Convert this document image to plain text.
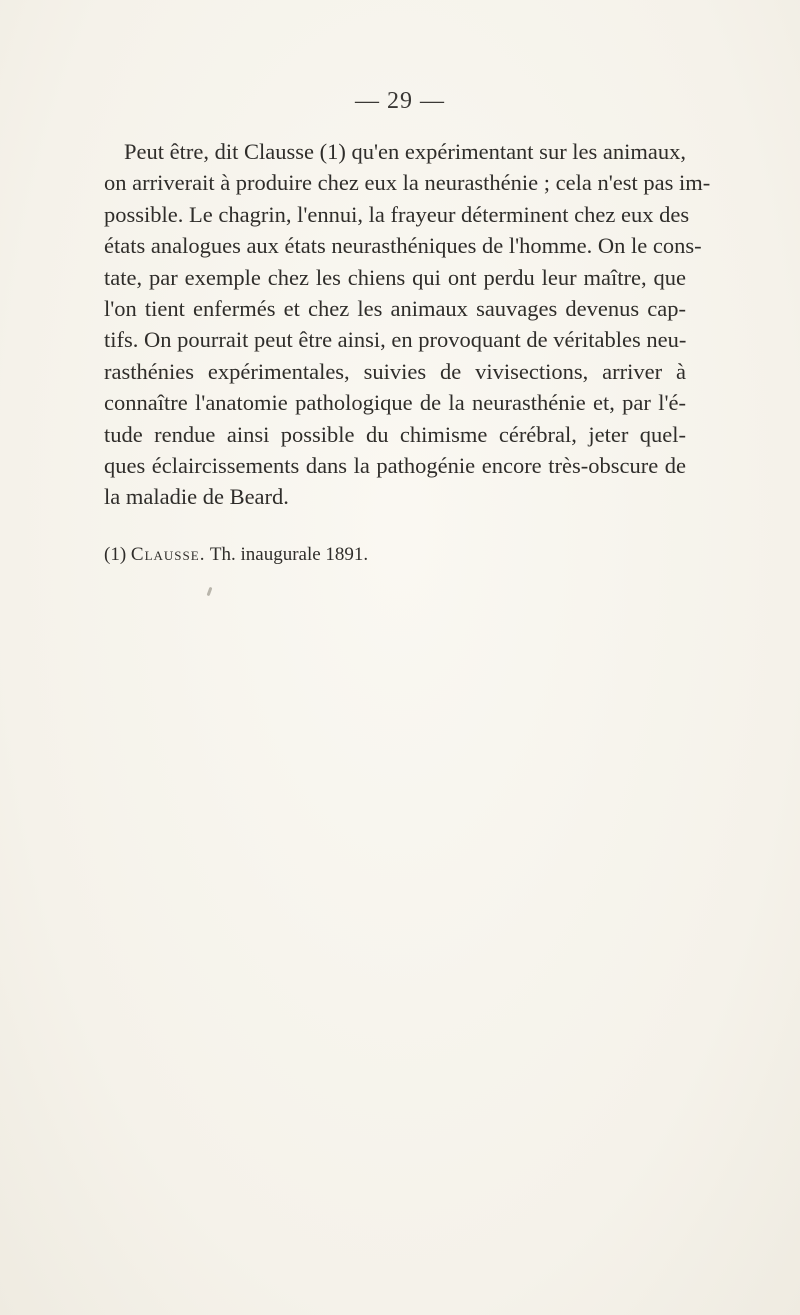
— 29 —

Peut être, dit Clausse (1) qu'en expérimentant sur les animaux,
on arriverait à produire chez eux la neurasthénie ; cela n'est pas im-
possible. Le chagrin, l'ennui, la frayeur déterminent chez eux des
états analogues aux états neurasthéniques de l'homme. On le cons-
tate, par exemple chez les chiens qui ont perdu leur maître, que
l'on tient enfermés et chez les animaux sauvages devenus cap-
tifs. On pourrait peut être ainsi, en provoquant de véritables neu-
rasthénies expérimentales, suivies de vivisections, arriver à
connaître l'anatomie pathologique de la neurasthénie et, par l'é-
tude rendue ainsi possible du chimisme cérébral, jeter quel-
ques éclaircissements dans la pathogénie encore très-obscure de
la maladie de Beard.

(1) Clausse. Th. inaugurale 1891.
